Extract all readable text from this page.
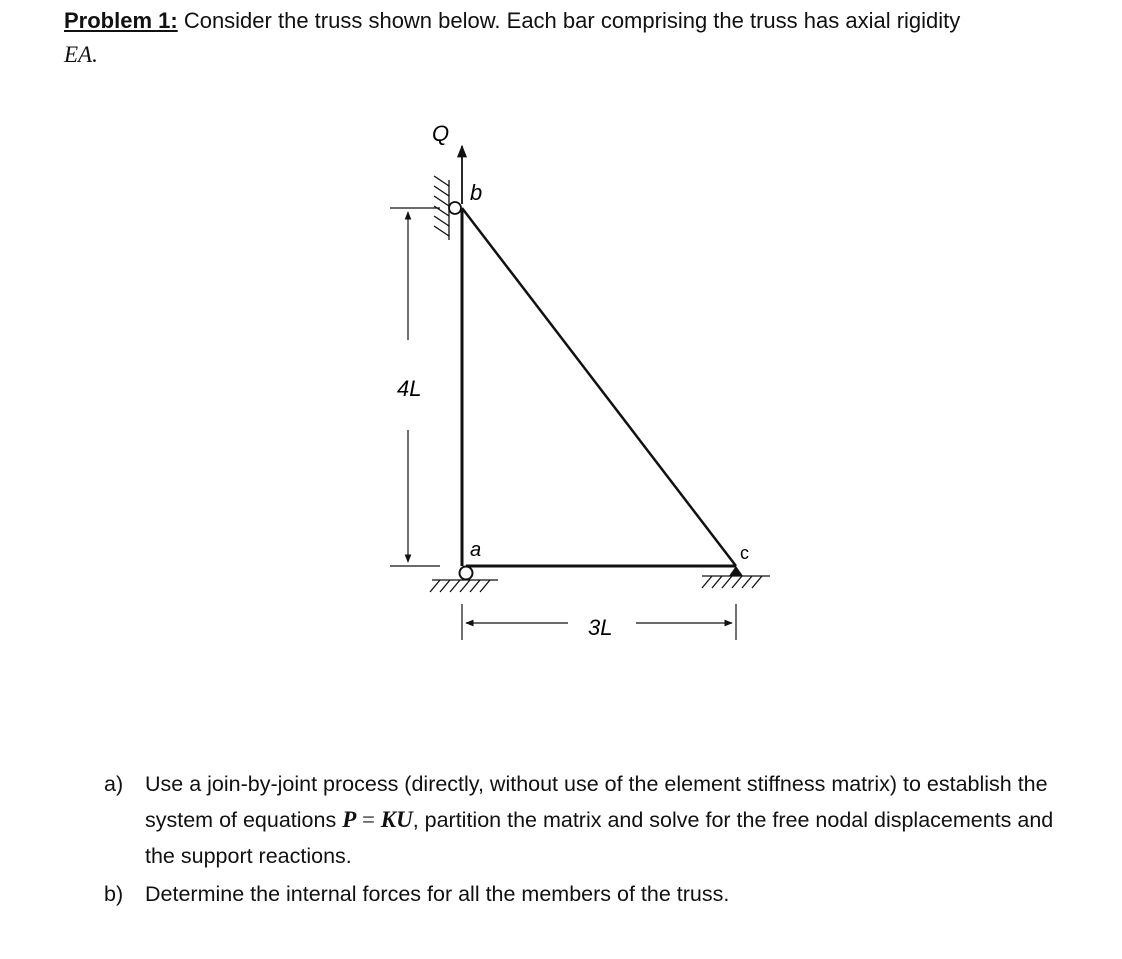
Problem 1: Consider the truss shown below. Each bar comprising the truss has axial rigidity
EA.
Q
b
a	c
4L
3L
a) Use a join-by-joint process (directly, without use of the element stiffness matrix) to establish the system of equations P = KU, partition the matrix and solve for the free nodal displacements and the support reactions.
b) Determine the internal forces for all the members of the truss.
